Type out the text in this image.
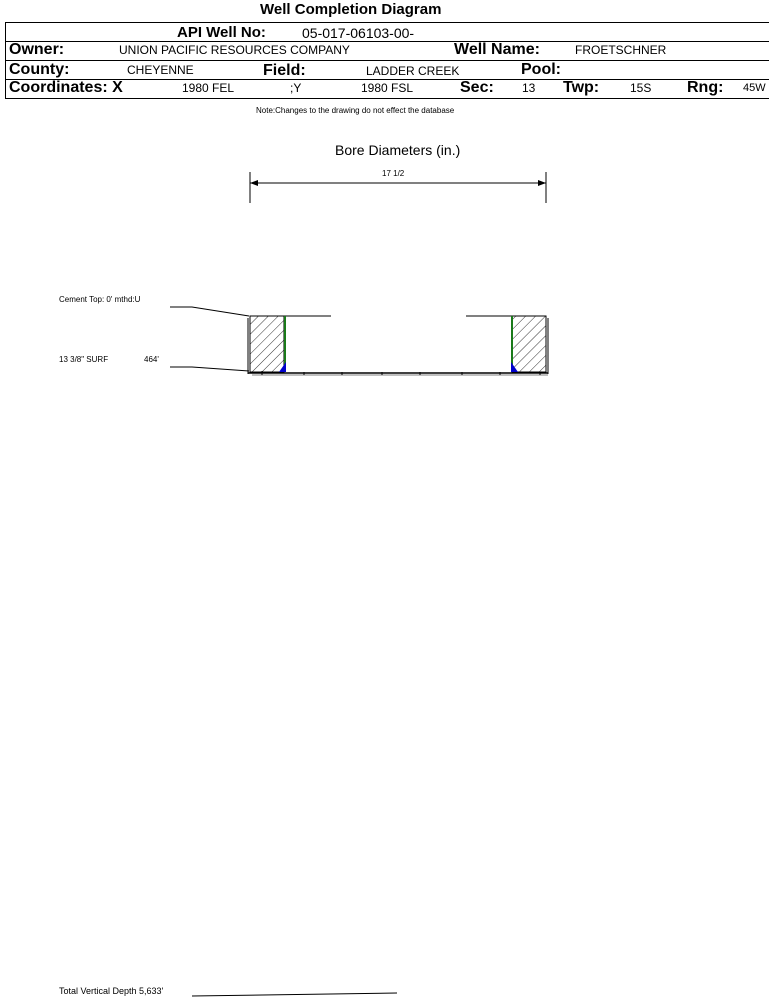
Well Completion Diagram
API Well No:	05-017-06103-00-
Owner:	UNION PACIFIC RESOURCES COMPANY	Well Name:	FROETSCHNER
County:	CHEYENNE	Field:	LADDER CREEK	Pool:
Coordinates: X	1980 FEL	;Y	1980 FSL	Sec: 13 Twp:	15S Rng: 45W
Note:Changes to the drawing do not effect the database
Bore Diameters (in.)
17 1/2
Cement Top: 0' mthd:U
13 3/8" SURF	464'
Total Vertical Depth 5,633'
